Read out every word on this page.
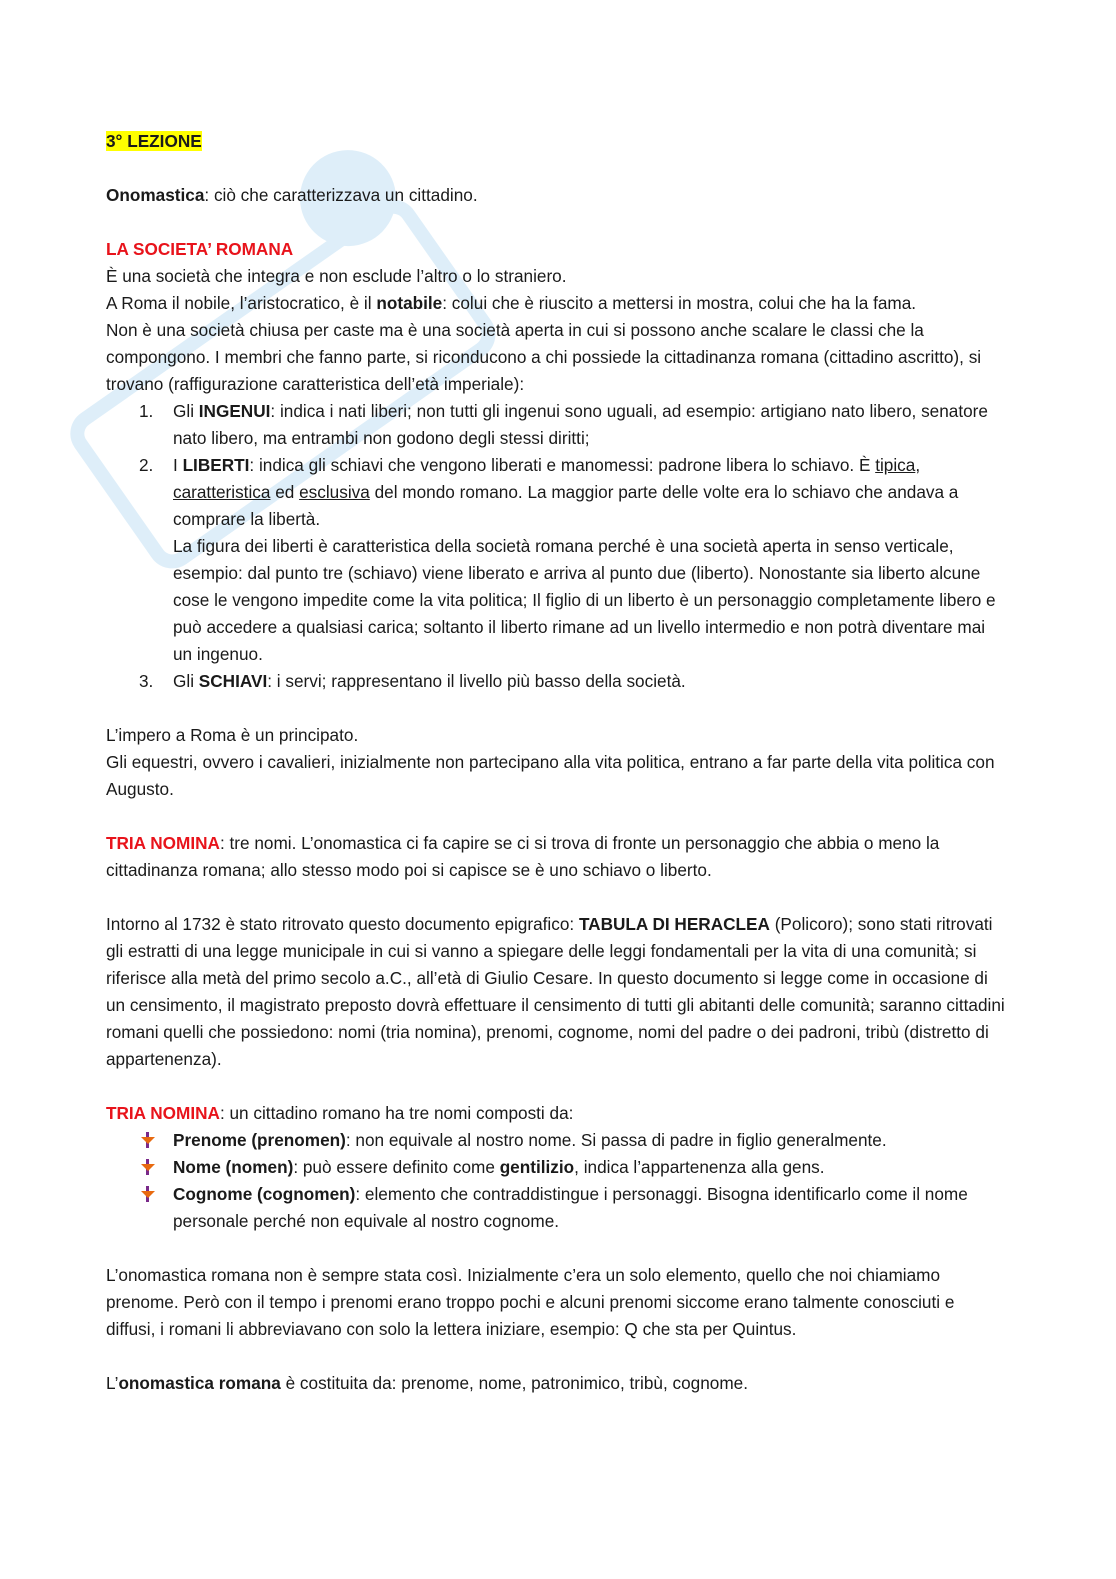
3° LEZIONE

Onomastica: ciò che caratterizzava un cittadino.

LA SOCIETA’ ROMANA

È una società che integra e non esclude l’altro o lo straniero.

A Roma il nobile, l’aristocratico, è il notabile: colui che è riuscito a mettersi in mostra, colui che ha la fama.

Non è una società chiusa per caste ma è una società aperta in cui si possono anche scalare le classi che la compongono. I membri che fanno parte, si riconducono a chi possiede la cittadinanza romana (cittadino ascritto), si trovano (raffigurazione caratteristica dell’età imperiale):

1. Gli INGENUI: indica i nati liberi; non tutti gli ingenui sono uguali, ad esempio: artigiano nato libero, senatore nato libero, ma entrambi non godono degli stessi diritti;
2. I LIBERTI: indica gli schiavi che vengono liberati e manomessi: padrone libera lo schiavo. È tipica, caratteristica ed esclusiva del mondo romano. La maggior parte delle volte era lo schiavo che andava a comprare la libertà.

La figura dei liberti è caratteristica della società romana perché è una società aperta in senso verticale, esempio: dal punto tre (schiavo) viene liberato e arriva al punto due (liberto). Nonostante sia liberto alcune cose le vengono impedite come la vita politica; Il figlio di un liberto è un personaggio completamente libero e può accedere a qualsiasi carica; soltanto il liberto rimane ad un livello intermedio e non potrà diventare mai un ingenuo.

3. Gli SCHIAVI: i servi; rappresentano il livello più basso della società.

L’impero a Roma è un principato.

Gli equestri, ovvero i cavalieri, inizialmente non partecipano alla vita politica, entrano a far parte della vita politica con Augusto.

TRIA NOMINA: tre nomi. L’onomastica ci fa capire se ci si trova di fronte un personaggio che abbia o meno la cittadinanza romana; allo stesso modo poi si capisce se è uno schiavo o liberto.

Intorno al 1732 è stato ritrovato questo documento epigrafico: TABULA DI HERACLEA (Policoro); sono stati ritrovati gli estratti di una legge municipale in cui si vanno a spiegare delle leggi fondamentali per la vita di una comunità; si riferisce alla metà del primo secolo a.C., all’età di Giulio Cesare. In questo documento si legge come in occasione di un censimento, il magistrato preposto dovrà effettuare il censimento di tutti gli abitanti delle comunità; saranno cittadini romani quelli che possiedono: nomi (tria nomina), prenomi, cognome, nomi del padre o dei padroni, tribù (distretto di appartenenza).

TRIA NOMINA: un cittadino romano ha tre nomi composti da:

Prenome (prenomen): non equivale al nostro nome. Si passa di padre in figlio generalmente.
Nome (nomen): può essere definito come gentilizio, indica l’appartenenza alla gens.
Cognome (cognomen): elemento che contraddistingue i personaggi. Bisogna identificarlo come il nome personale perché non equivale al nostro cognome.

L’onomastica romana non è sempre stata così. Inizialmente c’era un solo elemento, quello che noi chiamiamo prenome. Però con il tempo i prenomi erano troppo pochi e alcuni prenomi siccome erano talmente conosciuti e diffusi, i romani li abbreviavano con solo la lettera iniziare, esempio: Q che sta per Quintus.

L’onomastica romana è costituita da: prenome, nome, patronimico, tribù, cognome.
